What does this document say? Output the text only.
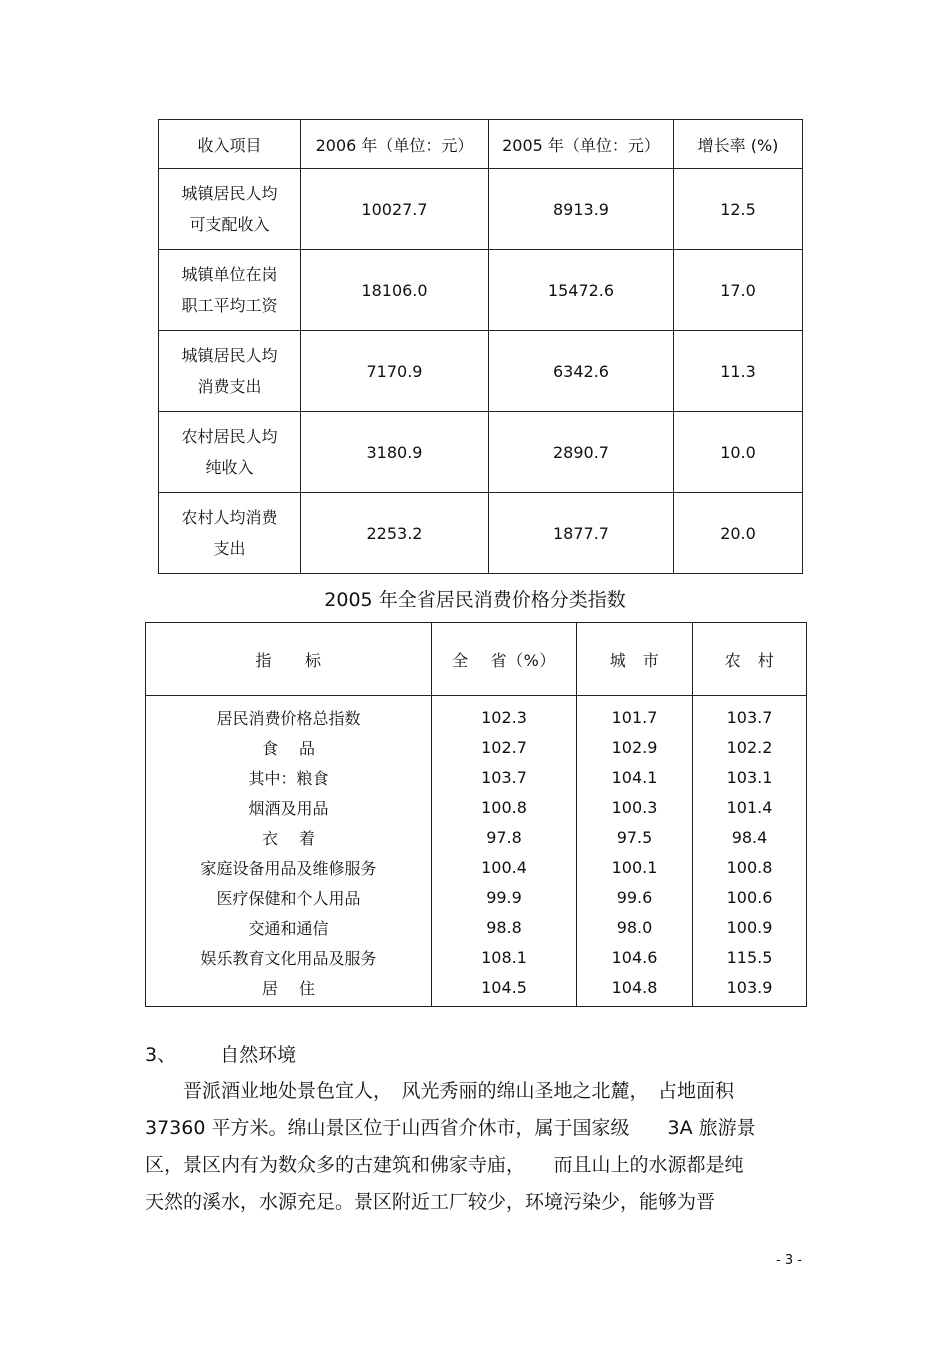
收入项目	2006 年（单位：元）	2005 年（单位：元）	增长率 (%)
城镇居民人均
可支配收入	10027.7	8913.9	12.5
城镇单位在岗
职工平均工资	18106.0	15472.6	17.0
城镇居民人均
消费支出	7170.9	6342.6	11.3
农村居民人均
纯收入	3180.9	2890.7	10.0
农村人均消费
支出	2253.2	1877.7	20.0
2005 年全省居民消费价格分类指数
指　　标	全　 省（%）	城　市	农　村
居民消费价格总指数	102.3	101.7	103.7
食　 品	102.7	102.9	102.2
其中：粮食	103.7	104.1	103.1
烟酒及用品	100.8	100.3	101.4
衣　 着	97.8	97.5	98.4
家庭设备用品及维修服务	100.4	100.1	100.8
医疗保健和个人用品	99.9	99.6	100.6
交通和通信	98.8	98.0	100.9
娱乐教育文化用品及服务	108.1	104.6	115.5
居　 住	104.5	104.8	103.9
3、 自然环境

　　晋派酒业地处景色宜人，　风光秀丽的绵山圣地之北麓，　占地面积

37360 平方米。绵山景区位于山西省介休市，属于国家级　　3A 旅游景

区，景区内有为数众多的古建筑和佛家寺庙，　　而且山上的水源都是纯

天然的溪水，水源充足。景区附近工厂较少，环境污染少，能够为晋

- 3 -
